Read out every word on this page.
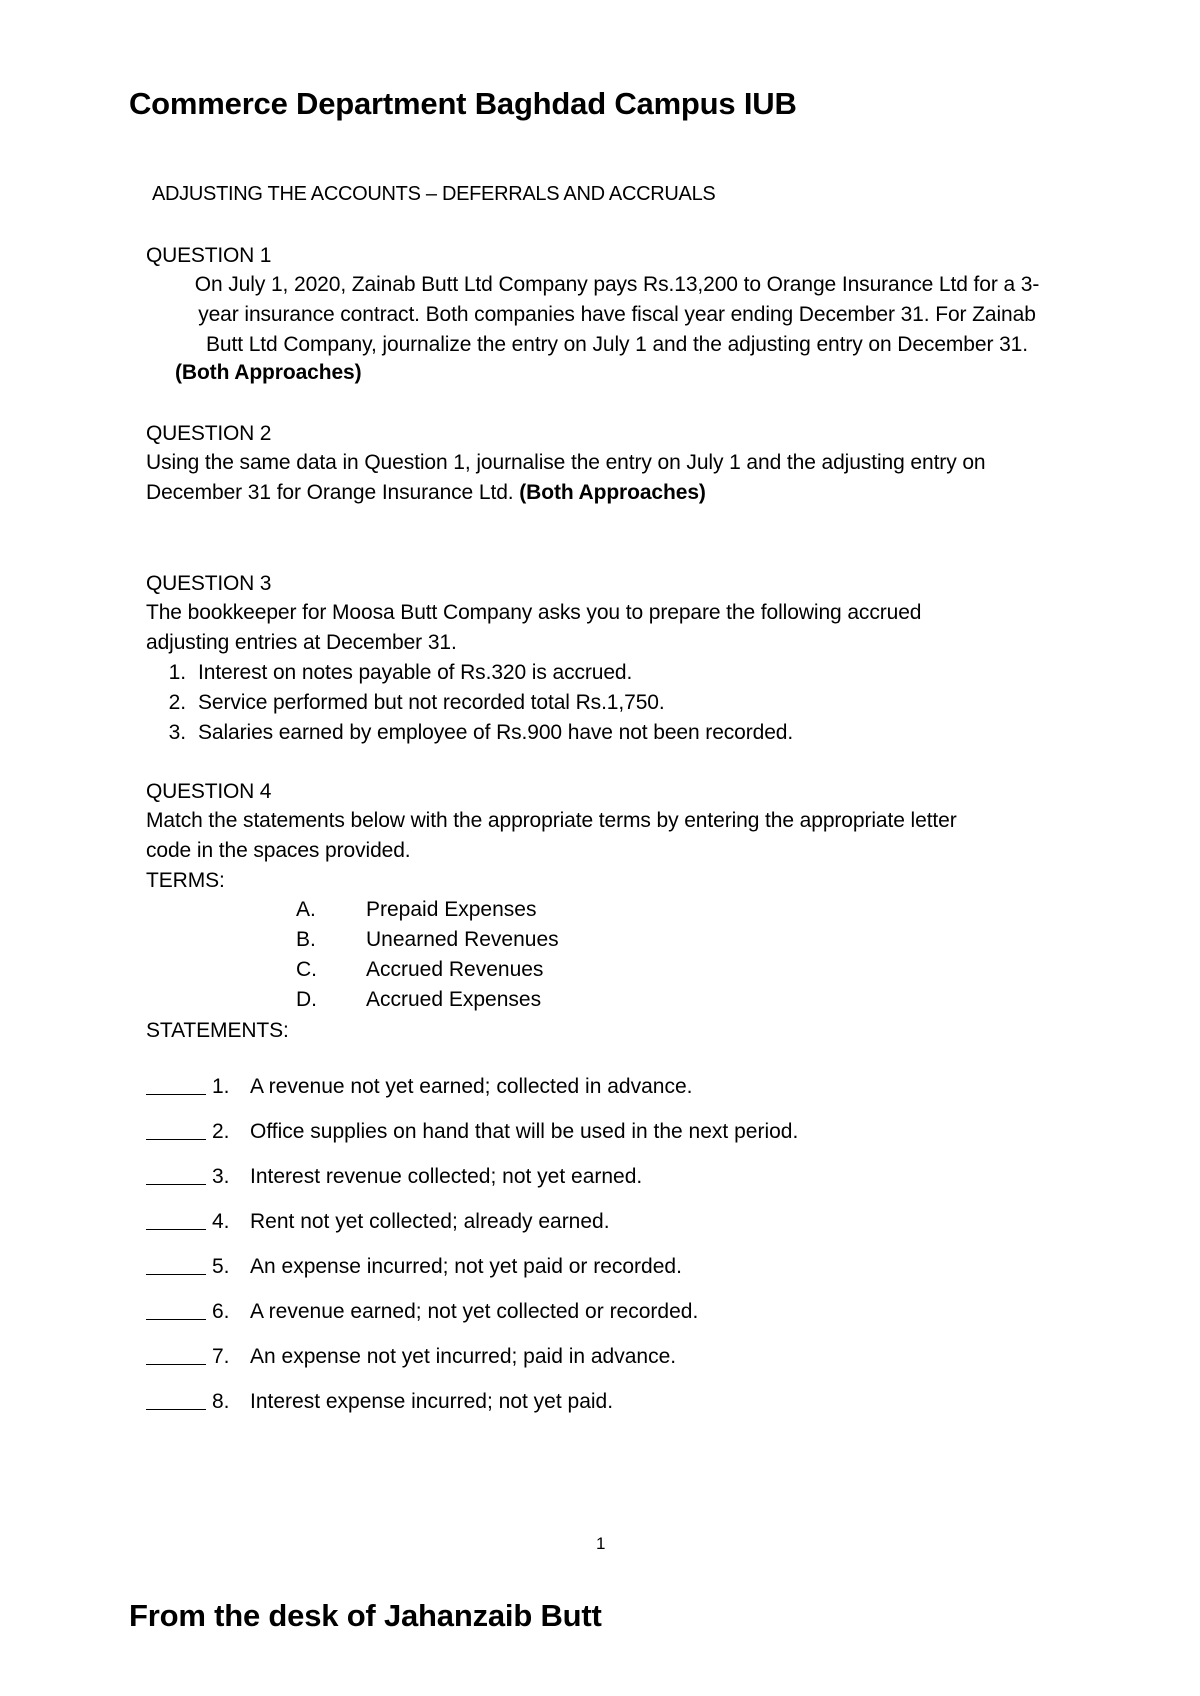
Commerce Department Baghdad Campus IUB
ADJUSTING THE ACCOUNTS – DEFERRALS AND ACCRUALS
QUESTION 1
On July 1, 2020, Zainab Butt Ltd Company pays Rs.13,200 to Orange Insurance Ltd for a 3-
year insurance contract. Both companies have fiscal year ending December 31. For Zainab
Butt Ltd Company, journalize the entry on July 1 and the adjusting entry on December 31.
(Both Approaches)
QUESTION 2
Using the same data in Question 1, journalise the entry on July 1 and the adjusting entry on
December 31 for Orange Insurance Ltd. (Both Approaches)
QUESTION 3
The bookkeeper for Moosa Butt Company asks you to prepare the following accrued
adjusting entries at December 31.
1. Interest on notes payable of Rs.320 is accrued.
2. Service performed but not recorded total Rs.1,750.
3. Salaries earned by employee of Rs.900 have not been recorded.
QUESTION 4
Match the statements below with the appropriate terms by entering the appropriate letter
code in the spaces provided.
TERMS:
A.	Prepaid Expenses
B.	Unearned Revenues
C.	Accrued Revenues
D.	Accrued Expenses
STATEMENTS:
1. A revenue not yet earned; collected in advance.
2. Office supplies on hand that will be used in the next period.
3. Interest revenue collected; not yet earned.
4. Rent not yet collected; already earned.
5. An expense incurred; not yet paid or recorded.
6. A revenue earned; not yet collected or recorded.
7. An expense not yet incurred; paid in advance.
8. Interest expense incurred; not yet paid.
1
From the desk of Jahanzaib Butt
